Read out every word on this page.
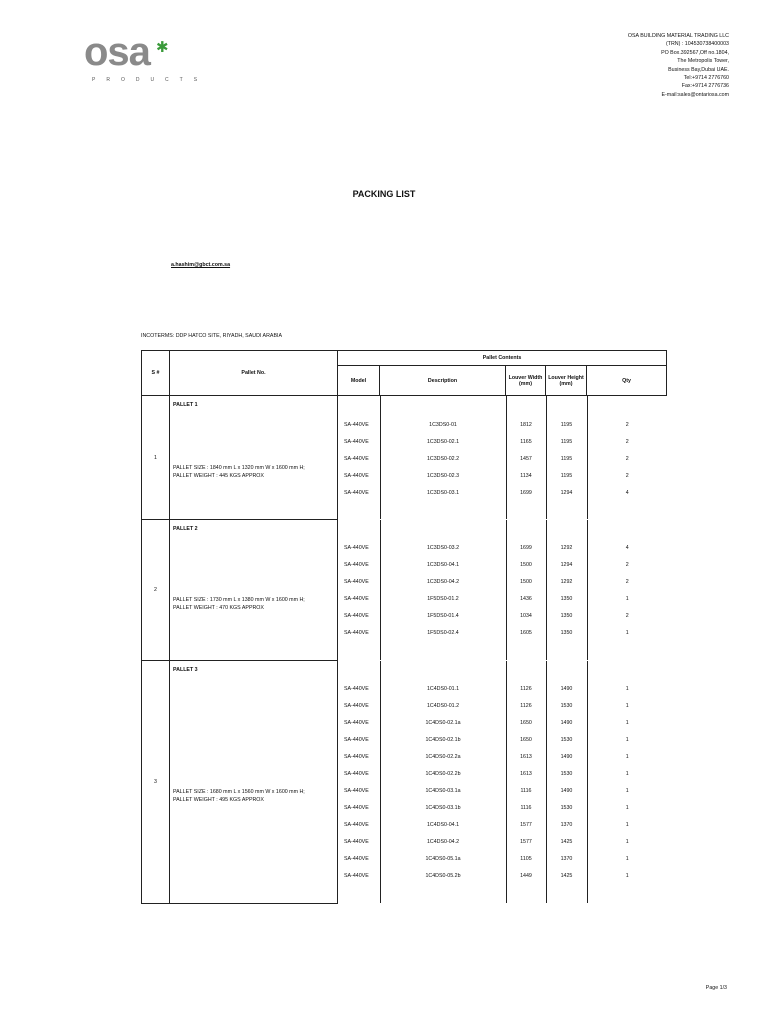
osa ✱
PRODUCTS
OSA BUILDING MATERIAL TRADING LLC
(TRN) : 104530738400003
PO Box.392567,Off no.1804,
The Metropolis Tower,
Business Bay,Dubai UAE.
Tel:+9714 2776760
Fax:+9714 2776736
E-mail:sales@ontariosa.com
PACKING LIST
a.hashim@gbct.com.sa
INCOTERMS: DDP HATCO SITE, RIYADH, SAUDI ARABIA
S #	Pallet No.	Pallet Contents
Model	Description	Louver Width (mm)	Louver Height (mm)	Qty
1	
PALLET 1
PALLET SIZE : 1840 mm L x 1320 mm W x 1600 mm H;
PALLET WEIGHT : 445 KGS APPROX

SA-440VE	1C3DS0-01	1812	1195	2
SA-440VE	1C3DS0-02.1	1165	1195	2
SA-440VE	1C3DS0-02.2	1457	1195	2
SA-440VE	1C3DS0-02.3	1134	1195	2
SA-440VE	1C3DS0-03.1	1699	1294	4

2	
PALLET 2
PALLET SIZE : 1730 mm L x 1380 mm W x 1600 mm H;
PALLET WEIGHT : 470 KGS APPROX

SA-440VE	1C3DS0-03.2	1699	1292	4
SA-440VE	1C3DS0-04.1	1500	1294	2
SA-440VE	1C3DS0-04.2	1500	1292	2
SA-440VE	1F5DS0-01.2	1436	1350	1
SA-440VE	1F5DS0-01.4	1034	1350	2
SA-440VE	1F5DS0-02.4	1605	1350	1

3	
PALLET 3
PALLET SIZE : 1680 mm L x 1560 mm W x 1600 mm H;
PALLET WEIGHT : 495 KGS APPROX

SA-440VE	1C4DS0-01.1	1126	1490	1
SA-440VE	1C4DS0-01.2	1126	1530	1
SA-440VE	1C4DS0-02.1a	1650	1490	1
SA-440VE	1C4DS0-02.1b	1650	1530	1
SA-440VE	1C4DS0-02.2a	1613	1490	1
SA-440VE	1C4DS0-02.2b	1613	1530	1
SA-440VE	1C4DS0-03.1a	1116	1490	1
SA-440VE	1C4DS0-03.1b	1116	1530	1
SA-440VE	1C4DS0-04.1	1577	1370	1
SA-440VE	1C4DS0-04.2	1577	1425	1
SA-440VE	1C4DS0-05.1a	1105	1370	1
SA-440VE	1C4DS0-05.2b	1449	1425	1

Page 1/3
